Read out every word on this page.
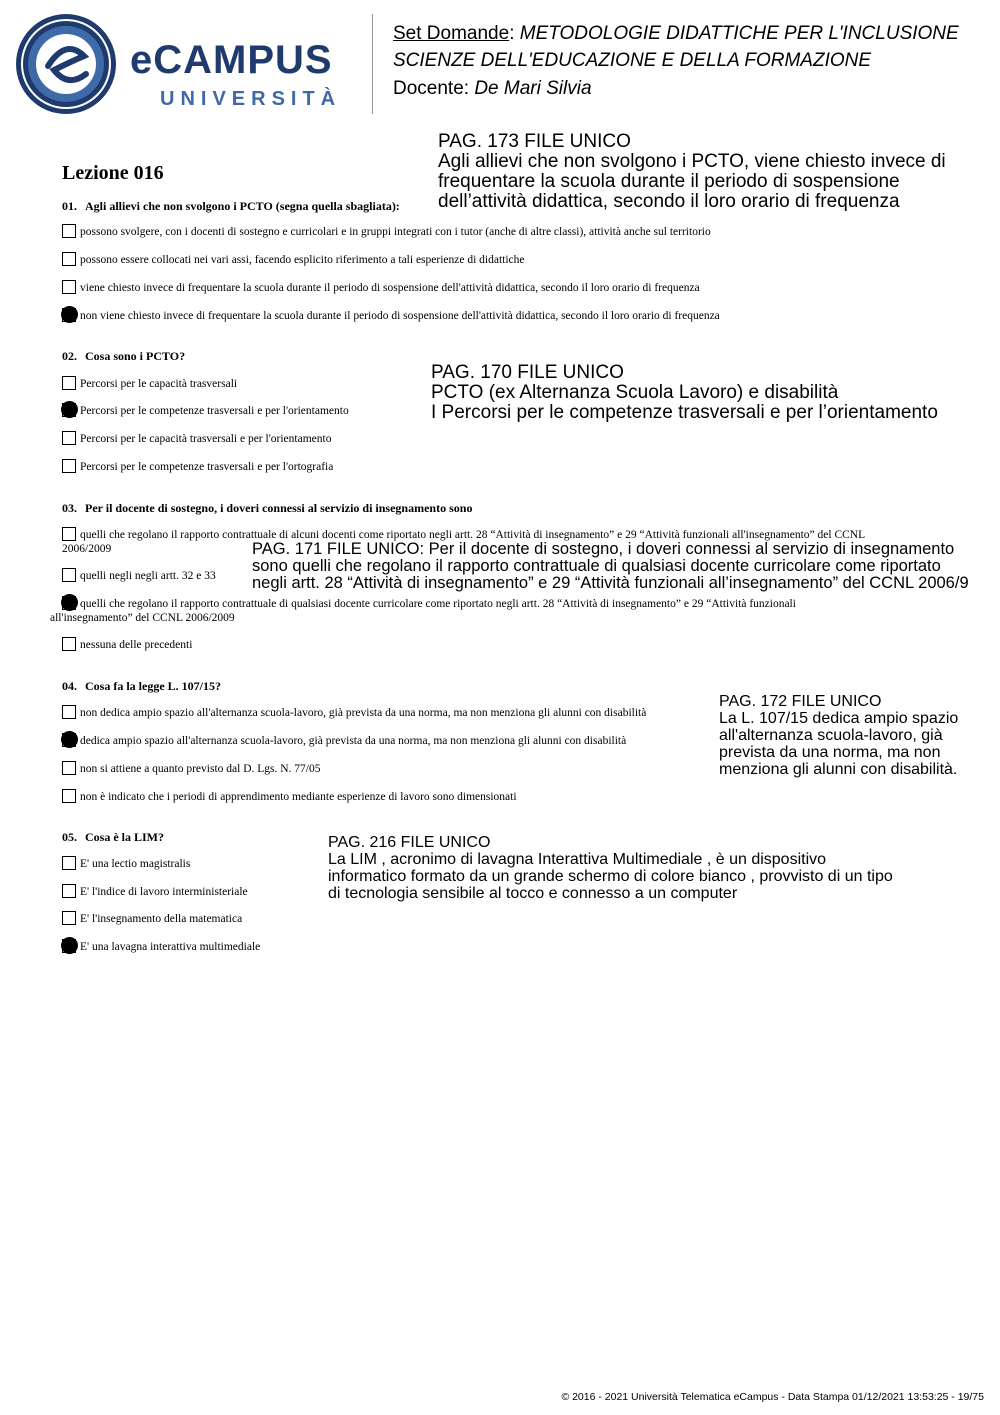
eCAMPUS
UNIVERSITÀ
Set Domande: METODOLOGIE DIDATTICHE PER L'INCLUSIONE
SCIENZE DELL'EDUCAZIONE E DELLA FORMAZIONE
Docente: De Mari Silvia
Lezione 016
01. Agli allievi che non svolgono i PCTO (segna quella sbagliata):
possono svolgere, con i docenti di sostegno e curricolari e in gruppi integrati con i tutor (anche di altre classi), attività anche sul territorio
possono essere collocati nei vari assi, facendo esplicito riferimento a tali esperienze di didattiche
viene chiesto invece di frequentare la scuola durante il periodo di sospensione dell'attività didattica, secondo il loro orario di frequenza
non viene chiesto invece di frequentare la scuola durante il periodo di sospensione dell'attività didattica, secondo il loro orario di frequenza
02. Cosa sono i PCTO?
Percorsi per le capacità trasversali
Percorsi per le competenze trasversali e per l'orientamento
Percorsi per le capacità trasversali e per l'orientamento
Percorsi per le competenze trasversali e per l'ortografia
03. Per il docente di sostegno, i doveri connessi al servizio di insegnamento sono
quelli che regolano il rapporto contrattuale di alcuni docenti come riportato negli artt. 28 “Attività di insegnamento” e 29 “Attività funzionali all'insegnamento” del CCNL
2006/2009
quelli negli negli artt. 32 e 33
quelli che regolano il rapporto contrattuale di qualsiasi docente curricolare come riportato negli artt. 28 “Attività di insegnamento” e 29 “Attività funzionali
all'insegnamento” del CCNL 2006/2009
nessuna delle precedenti
04. Cosa fa la legge L. 107/15?
non dedica ampio spazio all'alternanza scuola-lavoro, già prevista da una norma, ma non menziona gli alunni con disabilità
dedica ampio spazio all'alternanza scuola-lavoro, già prevista da una norma, ma non menziona gli alunni con disabilità
non si attiene a quanto previsto dal D. Lgs. N. 77/05
non è indicato che i periodi di apprendimento mediante esperienze di lavoro sono dimensionati
05. Cosa è la LIM?
E' una lectio magistralis
E' l'indice di lavoro interministeriale
E' l'insegnamento della matematica
E' una lavagna interattiva multimediale
PAG. 173 FILE UNICO
Agli allievi che non svolgono i PCTO, viene chiesto invece di
frequentare la scuola durante il periodo di sospensione
dell’attività didattica, secondo il loro orario di frequenza
PAG. 170 FILE UNICO
PCTO (ex Alternanza Scuola Lavoro) e disabilità
I Percorsi per le competenze trasversali e per l’orientamento
PAG. 171 FILE UNICO: Per il docente di sostegno, i doveri connessi al servizio di insegnamento
sono quelli che regolano il rapporto contrattuale di qualsiasi docente curricolare come riportato
negli artt. 28 “Attività di insegnamento” e 29 “Attività funzionali all’insegnamento” del CCNL 2006/9
PAG. 172 FILE UNICO
La L. 107/15 dedica ampio spazio
all'alternanza scuola-lavoro, già
prevista da una norma, ma non
menziona gli alunni con disabilità.
PAG. 216 FILE UNICO
La LIM , acronimo di lavagna Interattiva Multimediale , è un dispositivo
informatico formato da un grande schermo di colore bianco , provvisto di un tipo
di tecnologia sensibile al tocco e connesso a un computer
© 2016 - 2021 Università Telematica eCampus - Data Stampa 01/12/2021 13:53:25 - 19/75
